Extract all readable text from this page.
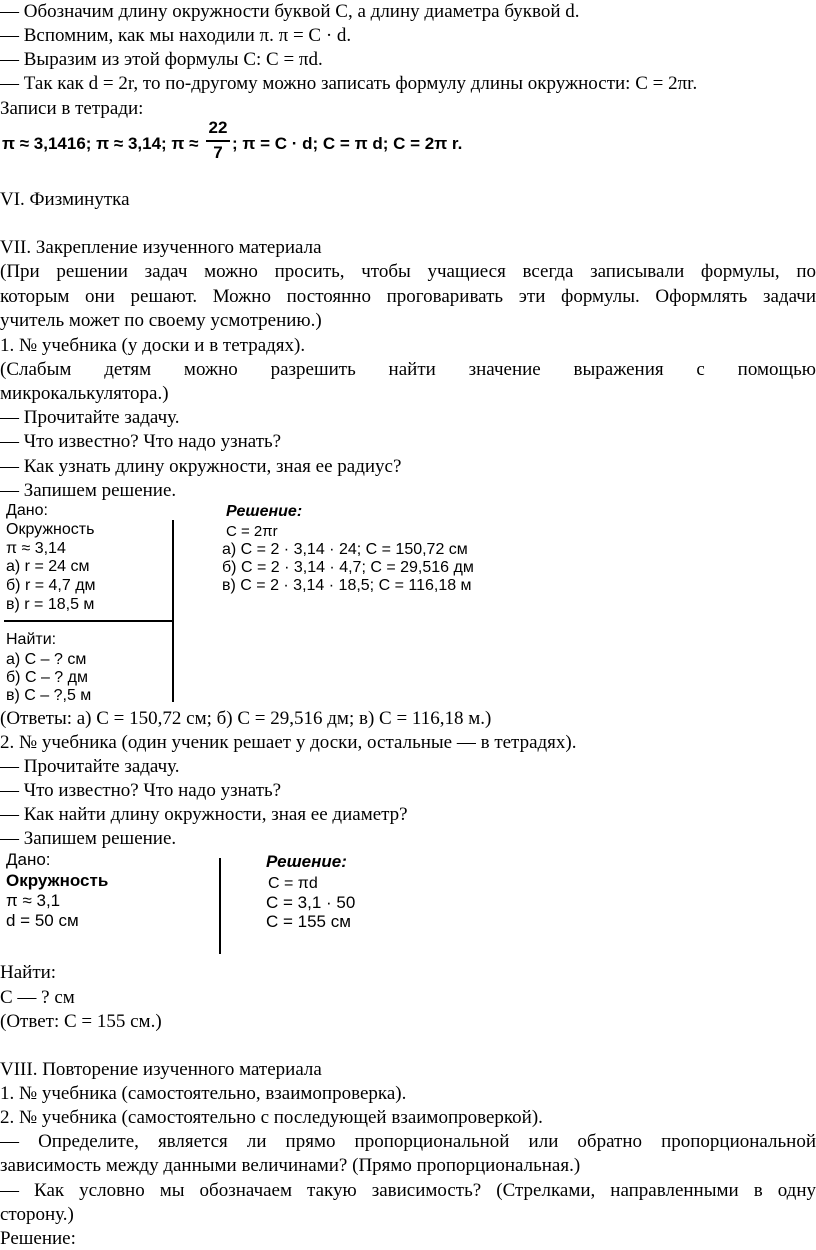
— Обозначим длину окружности буквой С, а длину диаметра буквой d.
— Вспомним, как мы находили π. π = С · d.
— Выразим из этой формулы С: С = πd.
— Так как d = 2r, то по-другому можно записать формулу длины окружности: С = 2πr.
Записи в тетради:
π ≈ 3,1416; π ≈ 3,14; π ≈
22
7 ; π = C · d; C = π d; C = 2π r.
VI. Физминутка
VII. Закрепление изученного материала
(При решении задач можно просить, чтобы учащиеся всегда записывали формулы, по
которым они решают. Можно постоянно проговаривать эти формулы. Оформлять задачи
учитель может по своему усмотрению.)
1. № учебника (у доски и в тетрадях).
(Слабым детям можно разрешить найти значение выражения с помощью
микрокалькулятора.)
— Прочитайте задачу.
— Что известно? Что надо узнать?
— Как узнать длину окружности, зная ее радиус?
— Запишем решение.
Дано:
Окружность
π ≈ 3,14
а) r = 24 см
б) r = 4,7 дм
в) r = 18,5 м
Найти:
а) С – ? см
б) С – ? дм
в) С – ?,5 м
Решение:
С = 2πr
а) С = 2 · 3,14 · 24; С = 150,72 см
б) С = 2 · 3,14 · 4,7; С = 29,516 дм
в) С = 2 · 3,14 · 18,5; С = 116,18 м
(Ответы: а) С = 150,72 см; б) С = 29,516 дм; в) С = 116,18 м.)
2. № учебника (один ученик решает у доски, остальные — в тетрадях).
— Прочитайте задачу.
— Что известно? Что надо узнать?
— Как найти длину окружности, зная ее диаметр?
— Запишем решение.
Дано:
Окружность
π ≈ 3,1
d = 50 см
Решение:
С = πd
С = 3,1 · 50
С = 155 см
Найти:
С — ? см
(Ответ: С = 155 см.)
VIII. Повторение изученного материала
1. № учебника (самостоятельно, взаимопроверка).
2. № учебника (самостоятельно с последующей взаимопроверкой).
— Определите, является ли прямо пропорциональной или обратно пропорциональной
зависимость между данными величинами? (Прямо пропорциональная.)
— Как условно мы обозначаем такую зависимость? (Стрелками, направленными в одну
сторону.)
Решение:
